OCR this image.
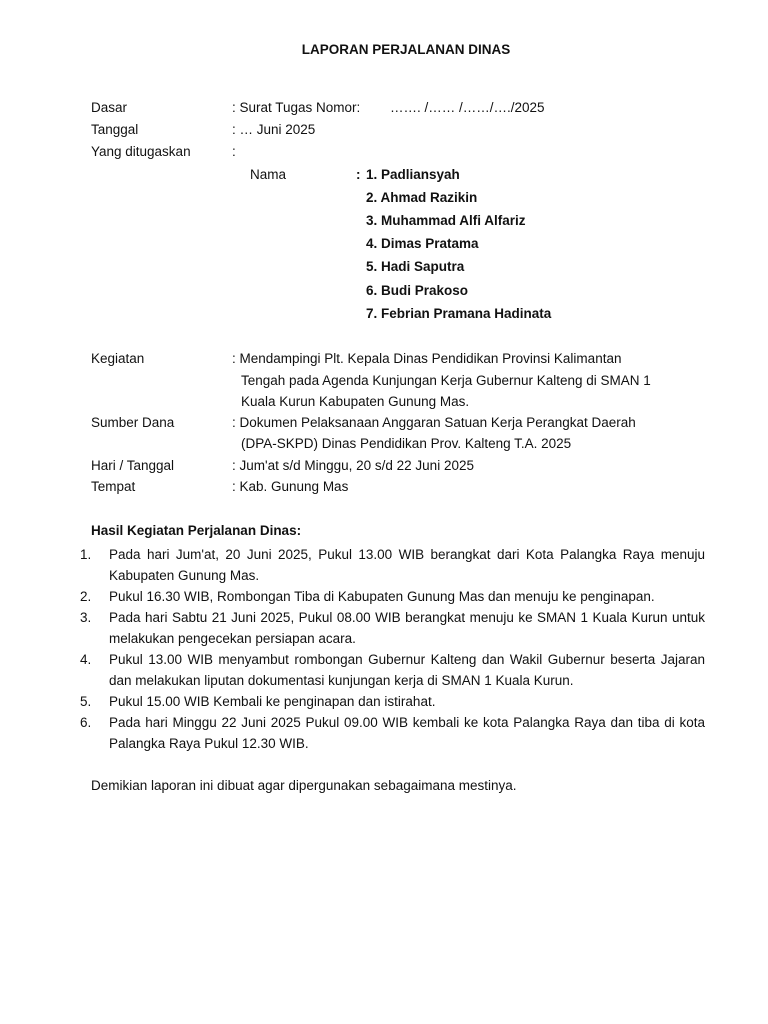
LAPORAN PERJALANAN DINAS
Dasar	: Surat Tugas Nomor: ……. /…… /……/…./2025
Tanggal	: … Juni 2025
Yang ditugaskan	:
Nama	: 1. Padliansyah
2. Ahmad Razikin
3. Muhammad Alfi Alfariz
4. Dimas Pratama
5. Hadi Saputra
6. Budi Prakoso
7. Febrian Pramana Hadinata
Kegiatan	: Mendampingi Plt. Kepala Dinas Pendidikan Provinsi Kalimantan
Tengah pada Agenda Kunjungan Kerja Gubernur Kalteng di SMAN 1
Kuala Kurun Kabupaten Gunung Mas.
Sumber Dana	: Dokumen Pelaksanaan Anggaran Satuan Kerja Perangkat Daerah
(DPA-SKPD) Dinas Pendidikan Prov. Kalteng T.A. 2025
Hari / Tanggal	: Jum'at s/d Minggu, 20 s/d 22 Juni 2025
Tempat	: Kab. Gunung Mas
Hasil Kegiatan Perjalanan Dinas:
1. Pada hari Jum'at, 20 Juni 2025, Pukul 13.00 WIB berangkat dari Kota Palangka Raya menuju Kabupaten Gunung Mas.
2. Pukul 16.30 WIB, Rombongan Tiba di Kabupaten Gunung Mas dan menuju ke penginapan.
3. Pada hari Sabtu 21 Juni 2025, Pukul 08.00 WIB berangkat menuju ke SMAN 1 Kuala Kurun untuk melakukan pengecekan persiapan acara.
4. Pukul 13.00 WIB menyambut rombongan Gubernur Kalteng dan Wakil Gubernur beserta Jajaran dan melakukan liputan dokumentasi kunjungan kerja di SMAN 1 Kuala Kurun.
5. Pukul 15.00 WIB Kembali ke penginapan dan istirahat.
6. Pada hari Minggu 22 Juni 2025 Pukul 09.00 WIB kembali ke kota Palangka Raya dan tiba di kota Palangka Raya Pukul 12.30 WIB.
Demikian laporan ini dibuat agar dipergunakan sebagaimana mestinya.
